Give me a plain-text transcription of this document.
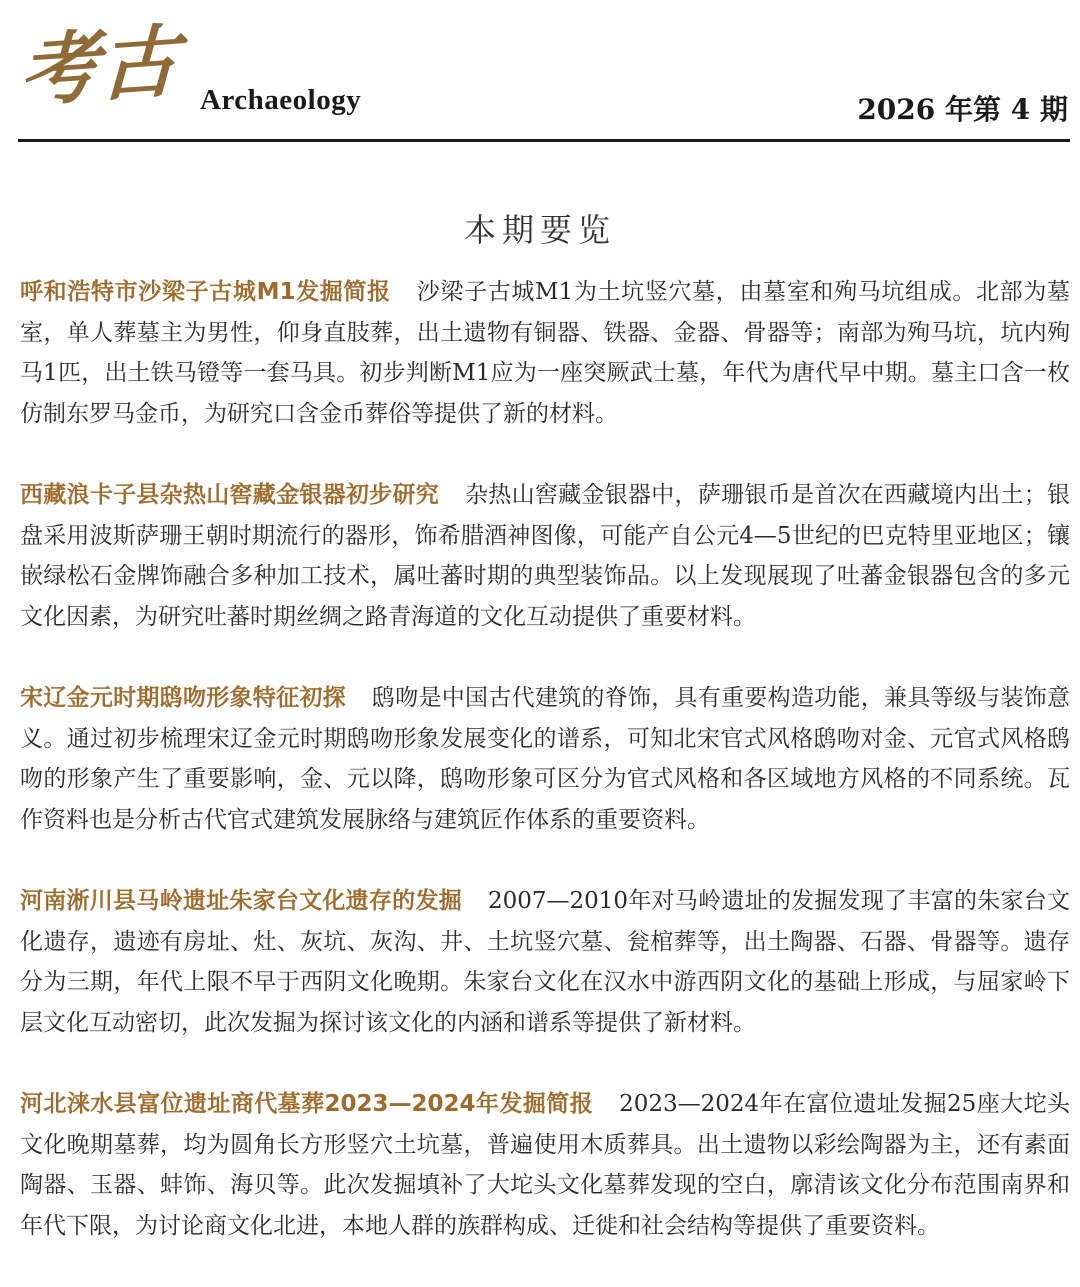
考古 Archaeology	2026 年第 4 期
本期要览

呼和浩特市沙梁子古城M1发掘简报 沙梁子古城M1为土坑竖穴墓，由墓室和殉马坑组成。北部为墓室，单人葬墓主为男性，仰身直肢葬，出土遗物有铜器、铁器、金器、骨器等；南部为殉马坑，坑内殉马1匹，出土铁马镫等一套马具。初步判断M1应为一座突厥武士墓，年代为唐代早中期。墓主口含一枚仿制东罗马金币，为研究口含金币葬俗等提供了新的材料。

西藏浪卡子县杂热山窖藏金银器初步研究 杂热山窖藏金银器中，萨珊银币是首次在西藏境内出土；银盘采用波斯萨珊王朝时期流行的器形，饰希腊酒神图像，可能产自公元4—5世纪的巴克特里亚地区；镶嵌绿松石金牌饰融合多种加工技术，属吐蕃时期的典型装饰品。以上发现展现了吐蕃金银器包含的多元文化因素，为研究吐蕃时期丝绸之路青海道的文化互动提供了重要材料。

宋辽金元时期鸱吻形象特征初探 鸱吻是中国古代建筑的脊饰，具有重要构造功能，兼具等级与装饰意义。通过初步梳理宋辽金元时期鸱吻形象发展变化的谱系，可知北宋官式风格鸱吻对金、元官式风格鸱吻的形象产生了重要影响，金、元以降，鸱吻形象可区分为官式风格和各区域地方风格的不同系统。瓦作资料也是分析古代官式建筑发展脉络与建筑匠作体系的重要资料。

河南淅川县马岭遗址朱家台文化遗存的发掘 2007—2010年对马岭遗址的发掘发现了丰富的朱家台文化遗存，遗迹有房址、灶、灰坑、灰沟、井、土坑竖穴墓、瓮棺葬等，出土陶器、石器、骨器等。遗存分为三期，年代上限不早于西阴文化晚期。朱家台文化在汉水中游西阴文化的基础上形成，与屈家岭下层文化互动密切，此次发掘为探讨该文化的内涵和谱系等提供了新材料。

河北涞水县富位遗址商代墓葬2023—2024年发掘简报 2023—2024年在富位遗址发掘25座大坨头文化晚期墓葬，均为圆角长方形竖穴土坑墓，普遍使用木质葬具。出土遗物以彩绘陶器为主，还有素面陶器、玉器、蚌饰、海贝等。此次发掘填补了大坨头文化墓葬发现的空白，廓清该文化分布范围南界和年代下限，为讨论商文化北进，本地人群的族群构成、迁徙和社会结构等提供了重要资料。
